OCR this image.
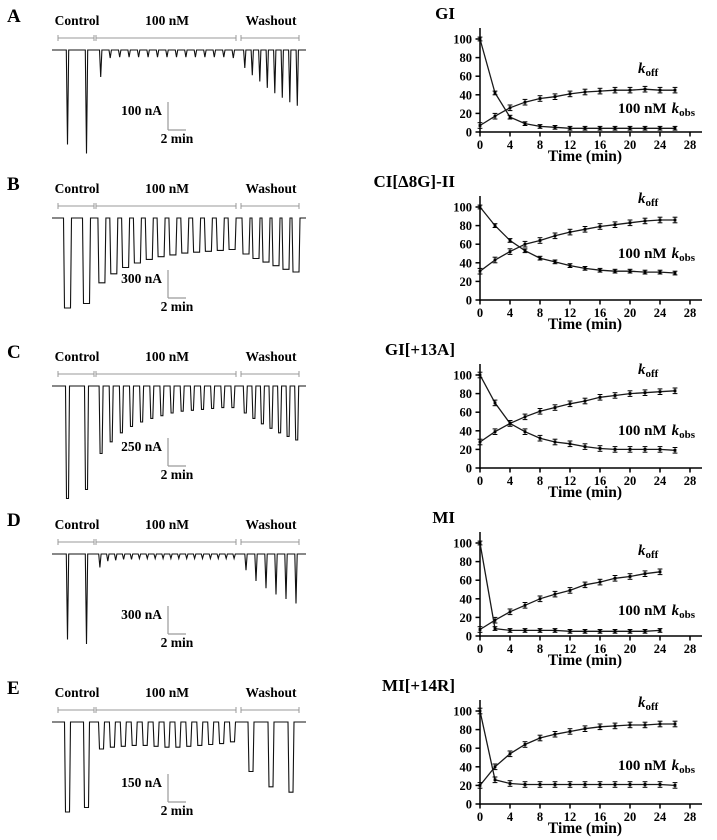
A	Control	100 nM	Washout
100 nA
2 min
GI
0
20
40
60
80
100
0 4 8 12 16 20 24 28
$k_{off}$
100 nM $k_{obs}$
Time (min)
B	Control	100 nM	Washout
300 nA
2 min
CI[Δ8G]-II
0
20
40
60
80
100
0 4 8 12 16 20 24 28
$k_{off}$
100 nM $k_{obs}$
Time (min)
C	Control	100 nM	Washout
250 nA
2 min
GI[+13A]
0
20
40
60
80
100
0 4 8 12 16 20 24 28
$k_{off}$
100 nM $k_{obs}$
Time (min)
D	Control	100 nM	Washout
300 nA
2 min
MI
0
20
40
60
80
100
0 4 8 12 16 20 24 28
$k_{off}$
100 nM $k_{obs}$
Time (min)
E	Control	100 nM	Washout
150 nA
2 min
MI[+14R]
0
20
40
60
80
100
0 4 8 12 16 20 24 28
$k_{off}$
100 nM $k_{obs}$
Time (min)
